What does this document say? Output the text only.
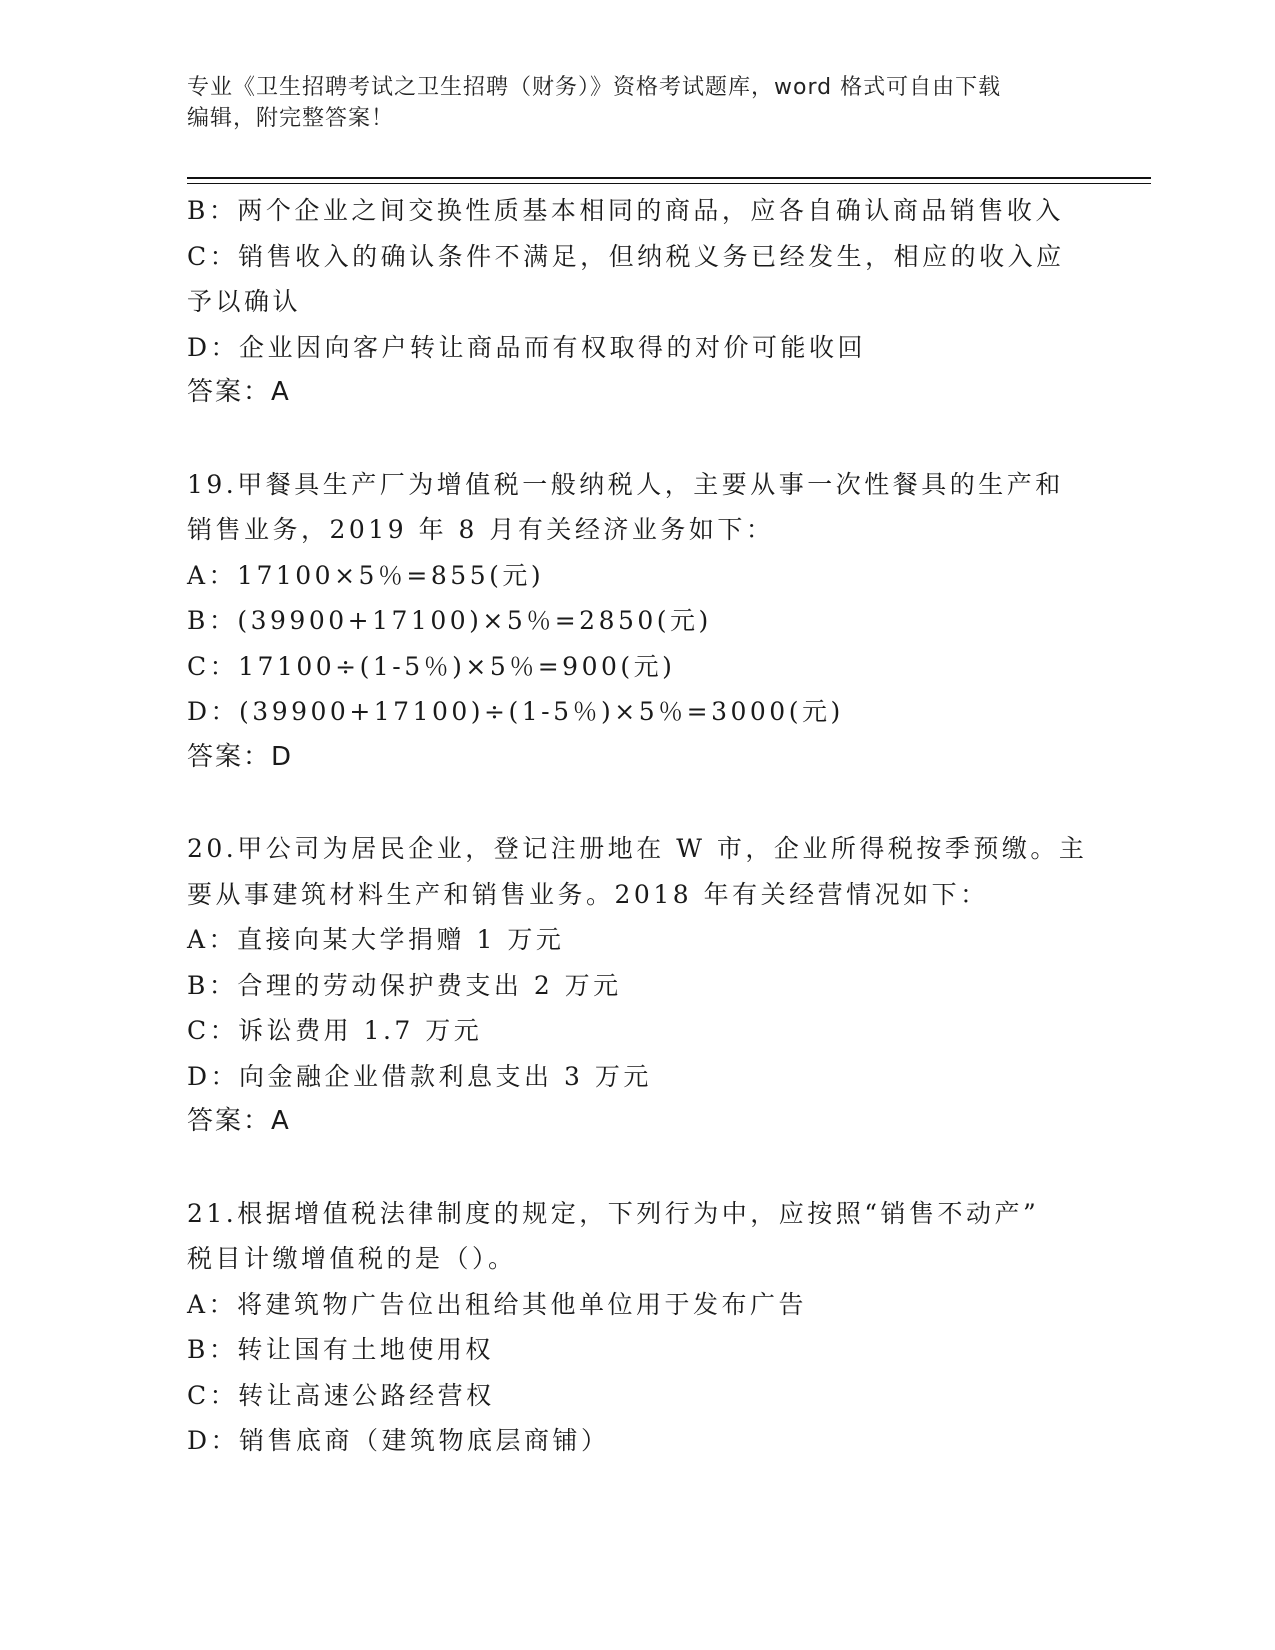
专业《卫生招聘考试之卫生招聘（财务）》资格考试题库，word 格式可自由下载
编辑，附完整答案！
B：两个企业之间交换性质基本相同的商品，应各自确认商品销售收入
C：销售收入的确认条件不满足，但纳税义务已经发生，相应的收入应
予以确认
D：企业因向客户转让商品而有权取得的对价可能收回
答案：A
19.甲餐具生产厂为增值税一般纳税人，主要从事一次性餐具的生产和
销售业务，2019 年 8 月有关经济业务如下：
A：17100×5％=855(元)
B：(39900+17100)×5％=2850(元)
C：17100÷(1-5％)×5％=900(元)
D：(39900+17100)÷(1-5％)×5％=3000(元)
答案：D
20.甲公司为居民企业，登记注册地在 W 市，企业所得税按季预缴。主
要从事建筑材料生产和销售业务。2018 年有关经营情况如下：
A：直接向某大学捐赠 1 万元
B：合理的劳动保护费支出 2 万元
C：诉讼费用 1.7 万元
D：向金融企业借款利息支出 3 万元
答案：A
21.根据增值税法律制度的规定，下列行为中，应按照“销售不动产”
税目计缴增值税的是（）。
A：将建筑物广告位出租给其他单位用于发布广告
B：转让国有土地使用权
C：转让高速公路经营权
D：销售底商（建筑物底层商铺）
